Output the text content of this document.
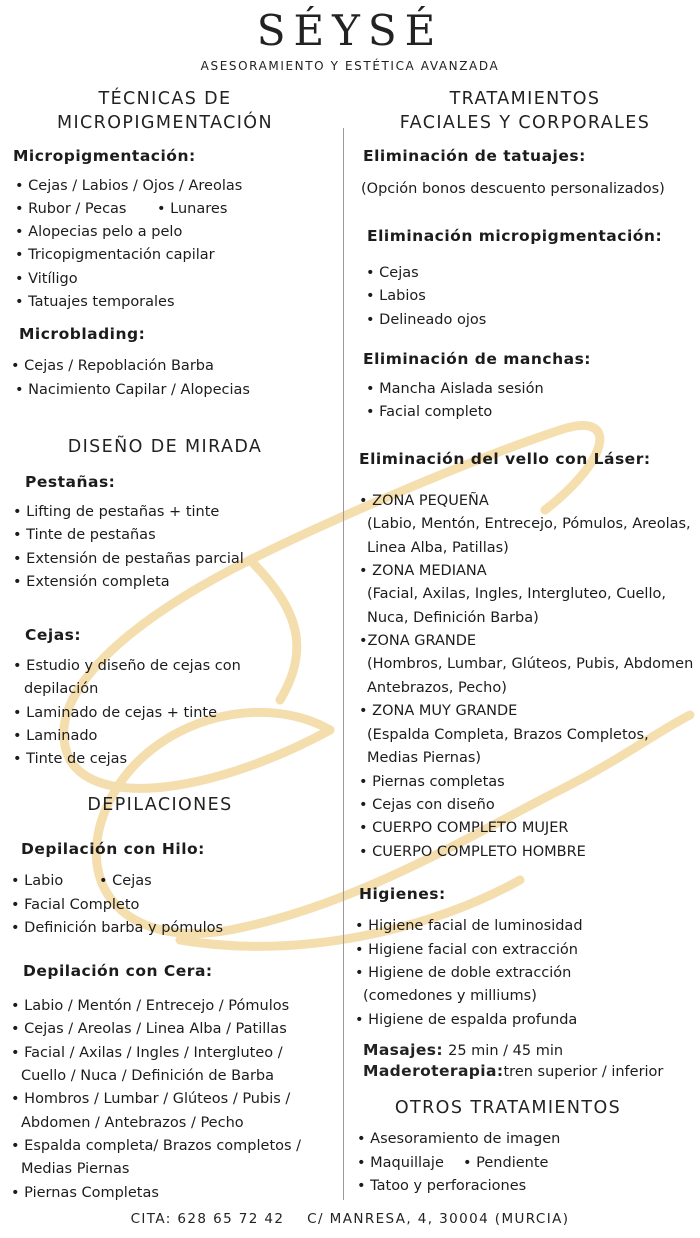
SÉYSÉ
ASESORAMIENTO Y ESTÉTICA AVANZADA
TÉCNICAS DE
MICROPIGMENTACIÓN
Micropigmentación:
• Cejas / Labios / Ojos / Areolas
• Rubor / Pecas • Lunares
• Alopecias pelo a pelo
• Tricopigmentación capilar
• Vitíligo
• Tatuajes temporales
Microblading:
• Cejas / Repoblación Barba
• Nacimiento Capilar / Alopecias
DISEÑO DE MIRADA
Pestañas:
• Lifting de pestañas + tinte
• Tinte de pestañas
• Extensión de pestañas parcial
• Extensión completa
Cejas:
• Estudio y diseño de cejas con
depilación
• Laminado de cejas + tinte
• Laminado
• Tinte de cejas
DEPILACIONES
Depilación con Hilo:
• Labio • Cejas
• Facial Completo
• Definición barba y pómulos
Depilación con Cera:
• Labio / Mentón / Entrecejo / Pómulos
• Cejas / Areolas / Linea Alba / Patillas
• Facial / Axilas / Ingles / Intergluteo /
Cuello / Nuca / Definición de Barba
• Hombros / Lumbar / Glúteos / Pubis /
Abdomen / Antebrazos / Pecho
• Espalda completa/ Brazos completos /
Medias Piernas
• Piernas Completas
TRATAMIENTOS
FACIALES Y CORPORALES
Eliminación de tatuajes:
(Opción bonos descuento personalizados)
Eliminación micropigmentación:
• Cejas
• Labios
• Delineado ojos
Eliminación de manchas:
• Mancha Aislada sesión
• Facial completo
Eliminación del vello con Láser:
• ZONA PEQUEÑA
(Labio, Mentón, Entrecejo, Pómulos, Areolas,
Linea Alba, Patillas)
• ZONA MEDIANA
(Facial, Axilas, Ingles, Intergluteo, Cuello,
Nuca, Definición Barba)
•ZONA GRANDE
(Hombros, Lumbar, Glúteos, Pubis, Abdomen
Antebrazos, Pecho)
• ZONA MUY GRANDE
(Espalda Completa, Brazos Completos,
Medias Piernas)
• Piernas completas
• Cejas con diseño
• CUERPO COMPLETO MUJER
• CUERPO COMPLETO HOMBRE
Higienes:
• Higiene facial de luminosidad
• Higiene facial con extracción
• Higiene de doble extracción
(comedones y milliums)
• Higiene de espalda profunda
Masajes: 25 min / 45 min
Maderoterapia:tren superior / inferior
OTROS TRATAMIENTOS
• Asesoramiento de imagen
• Maquillaje • Pendiente
• Tatoo y perforaciones
CITA: 628 65 72 42    C/ MANRESA, 4, 30004 (MURCIA)
